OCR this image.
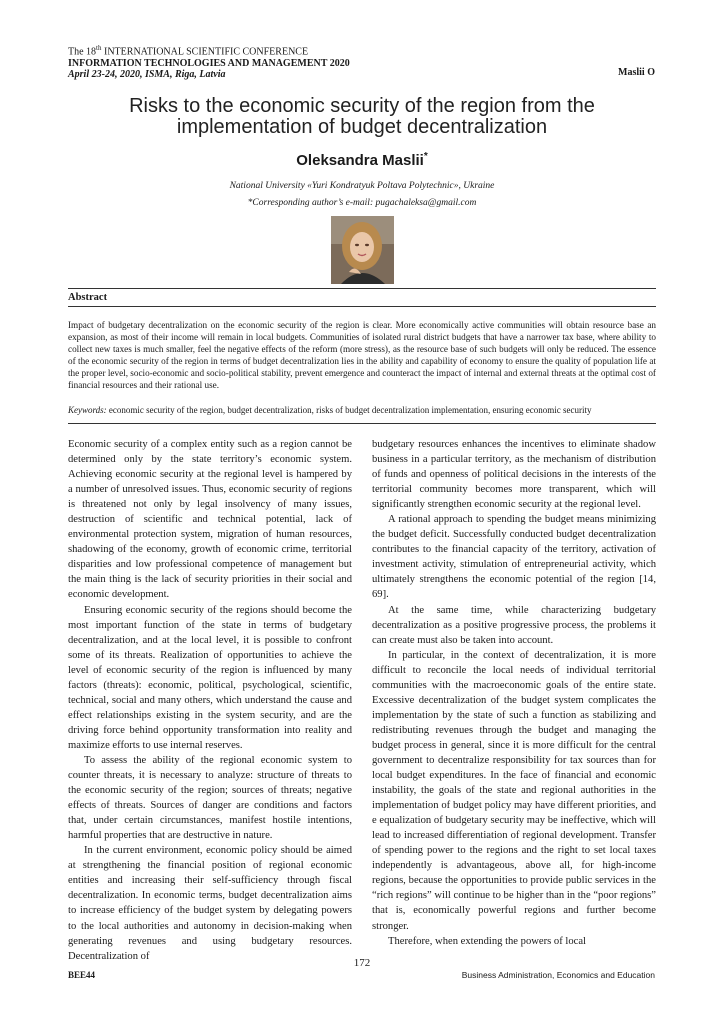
The 18th INTERNATIONAL SCIENTIFIC CONFERENCE
INFORMATION TECHNOLOGIES AND MANAGEMENT 2020
April 23-24, 2020, ISMA, Riga, Latvia	Maslii O
Risks to the economic security of the region from the implementation of budget decentralization
Oleksandra Maslii*
National University «Yuri Kondratyuk Poltava Polytechnic», Ukraine
*Corresponding author’s e-mail: pugachaleksa@gmail.com
Abstract
Impact of budgetary decentralization on the economic security of the region is clear. More economically active communities will obtain resource base an expansion, as most of their income will remain in local budgets. Communities of isolated rural district budgets that have a narrower tax base, where ability to collect new taxes is much smaller, feel the negative effects of the reform (more stress), as the resource base of such budgets will only be reduced. The essence of the economic security of the region in terms of budget decentralization lies in the ability and capability of economy to ensure the quality of population life at the proper level, socio-economic and socio-political stability, prevent emergence and counteract the impact of internal and external threats at the optimal cost of financial resources and their rational use.
Keywords: economic security of the region, budget decentralization, risks of budget decentralization implementation, ensuring economic security

Economic security of a complex entity such as a region cannot be determined only by the state territory’s economic system. Achieving economic security at the regional level is hampered by a number of unresolved issues. Thus, economic security of regions is threatened not only by legal insolvency of many issues, destruction of scientific and technical potential, lack of environmental protection system, migration of human resources, shadowing of the economy, growth of economic crime, territorial disparities and low professional competence of management but the main thing is the lack of security priorities in their social and economic development.

Ensuring economic security of the regions should become the most important function of the state in terms of budgetary decentralization, and at the local level, it is possible to confront some of its threats. Realization of opportunities to achieve the level of economic security of the region is influenced by many factors (threats): economic, political, psychological, scientific, technical, social and many others, which understand the cause and effect relationships existing in the system security, and are the driving force behind opportunity transformation into reality and maximize efforts to use internal reserves.

To assess the ability of the regional economic system to counter threats, it is necessary to analyze: structure of threats to the economic security of the region; sources of threats; negative effects of threats. Sources of danger are conditions and factors that, under certain circumstances, manifest hostile intentions, harmful properties that are destructive in nature.

In the current environment, economic policy should be aimed at strengthening the financial position of regional economic entities and increasing their self-sufficiency through fiscal decentralization. In economic terms, budget decentralization aims to increase efficiency of the budget system by delegating powers to the local authorities and autonomy in decision-making when generating revenues and using budgetary resources. Decentralization of

budgetary resources enhances the incentives to eliminate shadow business in a particular territory, as the mechanism of distribution of funds and openness of political decisions in the interests of the territorial community becomes more transparent, which will significantly strengthen economic security at the regional level.

A rational approach to spending the budget means minimizing the budget deficit. Successfully conducted budget decentralization contributes to the financial capacity of the territory, activation of investment activity, stimulation of entrepreneurial activity, which ultimately strengthens the economic potential of the region [14, 69].

At the same time, while characterizing budgetary decentralization as a positive progressive process, the problems it can create must also be taken into account.

In particular, in the context of decentralization, it is more difficult to reconcile the local needs of individual territorial communities with the macroeconomic goals of the entire state. Excessive decentralization of the budget system complicates the implementation by the state of such a function as stabilizing and redistributing revenues through the budget and managing the budget process in general, since it is more difficult for the central government to decentralize responsibility for tax sources than for local budget expenditures. In the face of financial and economic instability, the goals of the state and regional authorities in the implementation of budget policy may have different priorities, and e equalization of budgetary security may be ineffective, which will lead to increased differentiation of regional development. Transfer of spending power to the regions and the right to set local taxes independently is advantageous, above all, for high-income regions, because the opportunities to provide public services in the “rich regions” will continue to be higher than in the “poor regions” that is, economically powerful regions and further become stronger.

Therefore, when extending the powers of local

172
BEE44	Business Administration, Economics and Education
